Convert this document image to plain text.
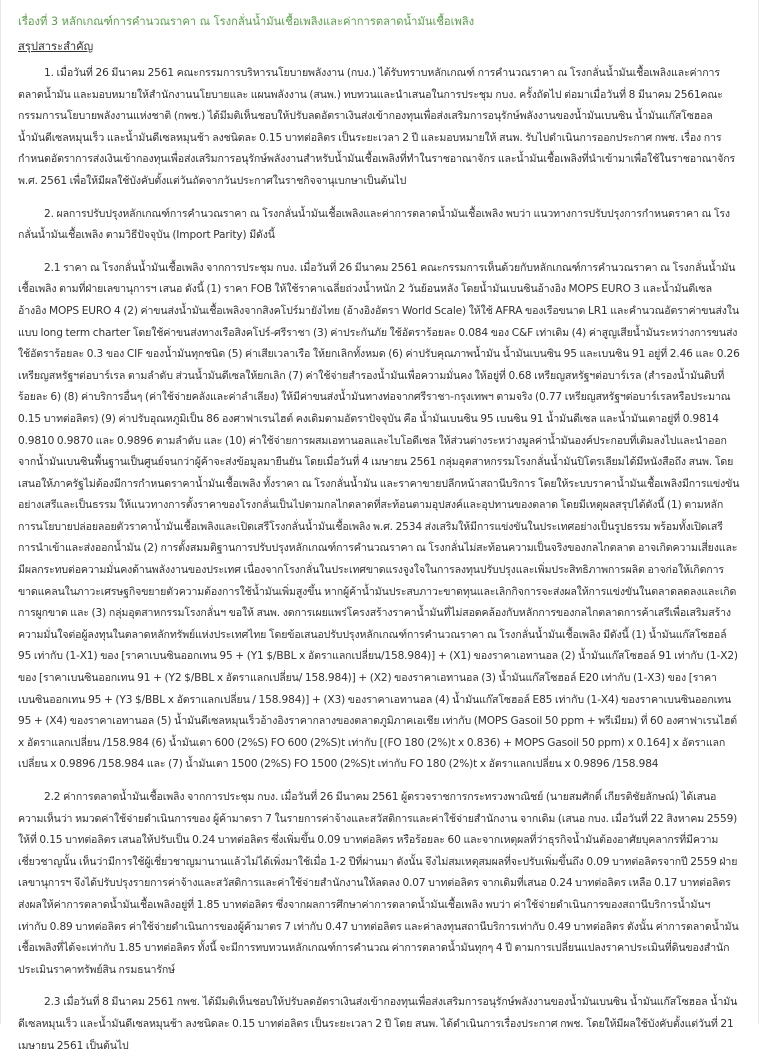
เรื่องที่ 3 หลักเกณฑ์การคำนวณราคา ณ โรงกลั่นน้ำมันเชื้อเพลิงและค่าการตลาดน้ำมันเชื้อเพลิง
สรุปสาระสำคัญ

1. เมื่อวันที่ 26 มีนาคม 2561 คณะกรรมการบริหารนโยบายพลังงาน (กบง.) ได้รับทราบหลักเกณฑ์ การคำนวณราคา ณ โรงกลั่นน้ำมันเชื้อเพลิงและค่าการตลาดน้ำมัน และมอบหมายให้สำนักงานนโยบายและ แผนพลังงาน (สนพ.) ทบทวนและนำเสนอในการประชุม กบง. ครั้งถัดไป ต่อมาเมื่อวันที่ 8 มีนาคม 2561คณะกรรมการนโยบายพลังงานแห่งชาติ (กพช.) ได้มีมติเห็นชอบให้ปรับลดอัตราเงินส่งเข้ากองทุนเพื่อส่งเสริมการอนุรักษ์พลังงานของน้ำมันเบนซิน น้ำมันแก๊สโซฮอล น้ำมันดีเซลหมุนเร็ว และน้ำมันดีเซลหมุนช้า ลงชนิดละ 0.15 บาทต่อลิตร เป็นระยะเวลา 2 ปี และมอบหมายให้ สนพ. รับไปดำเนินการออกประกาศ กพช. เรื่อง การกำหนดอัตราการส่งเงินเข้ากองทุนเพื่อส่งเสริมการอนุรักษ์พลังงานสำหรับน้ำมันเชื้อเพลิงที่ทำในราชอาณาจักร และน้ำมันเชื้อเพลิงที่นำเข้ามาเพื่อใช้ในราชอาณาจักร พ.ศ. 2561 เพื่อให้มีผลใช้บังคับตั้งแต่วันถัดจากวันประกาศในราชกิจจานุเบกษาเป็นต้นไป

2. ผลการปรับปรุงหลักเกณฑ์การคำนวณราคา ณ โรงกลั่นน้ำมันเชื้อเพลิงและค่าการตลาดน้ำมันเชื้อเพลิง พบว่า แนวทางการปรับปรุงการกำหนดราคา ณ โรงกลั่นน้ำมันเชื้อเพลิง ตามวิธีปัจจุบัน (Import Parity) มีดังนี้

2.1 ราคา ณ โรงกลั่นน้ำมันเชื้อเพลิง จากการประชุม กบง. เมื่อวันที่ 26 มีนาคม 2561 คณะกรรมการเห็นด้วยกับหลักเกณฑ์การคำนวณราคา ณ โรงกลั่นน้ำมันเชื้อเพลิง ตามที่ฝ่ายเลขานุการฯ เสนอ ดังนี้ (1) ราคา FOB ให้ใช้ราคาเฉลี่ยถ่วงน้ำหนัก 2 วันย้อนหลัง โดยน้ำมันเบนซินอ้างอิง MOPS EURO 3 และน้ำมันดีเซลอ้างอิง MOPS EURO 4 (2) ค่าขนส่งน้ำมันเชื้อเพลิงจากสิงคโปร์มายังไทย (อ้างอิงอัตรา World Scale) ให้ใช้ AFRA ของเรือขนาด LR1 และคำนวณอัตราค่าขนส่งในแบบ long term charter โดยใช้ค่าขนส่งทางเรือสิงคโปร์-ศรีราชา (3) ค่าประกันภัย ใช้อัตราร้อยละ 0.084 ของ C&F เท่าเดิม (4) ค่าสูญเสียน้ำมันระหว่างการขนส่ง ใช้อัตราร้อยละ 0.3 ของ CIF ของน้ำมันทุกชนิด (5) ค่าเสียเวลาเรือ ให้ยกเลิกทั้งหมด (6) ค่าปรับคุณภาพน้ำมัน น้ำมันเบนซิน 95 และเบนซิน 91 อยู่ที่ 2.46 และ 0.26 เหรียญสหรัฐฯต่อบาร์เรล ตามลำดับ ส่วนน้ำมันดีเซลให้ยกเลิก (7) ค่าใช้จ่ายสำรองน้ำมันเพื่อความมั่นคง ให้อยู่ที่ 0.68 เหรียญสหรัฐฯต่อบาร์เรล (สำรองน้ำมันดิบที่ร้อยละ 6) (8) ค่าบริการอื่นๆ (ค่าใช้จ่ายคลังและค่าลำเลียง) ให้มีค่าขนส่งน้ำมันทางท่อจากศรีราชา-กรุงเทพฯ ตามจริง (0.77 เหรียญสหรัฐฯต่อบาร์เรลหรือประมาณ 0.15 บาทต่อลิตร) (9) ค่าปรับอุณหภูมิเป็น 86 องศาฟาเรนไฮต์ คงเดิมตามอัตราปัจจุบัน คือ น้ำมันเบนซิน 95 เบนซิน 91 น้ำมันดีเซล และน้ำมันเตาอยู่ที่ 0.9814 0.9810 0.9870 และ 0.9896 ตามลำดับ และ (10) ค่าใช้จ่ายการผสมเอทานอลและไบโอดีเซล ให้ส่วนต่างระหว่างมูลค่าน้ำมันองค์ประกอบที่เติมลงไปและนำออกจากน้ำมันเบนซินพื้นฐานเป็นศูนย์จนกว่าผู้ค้าจะส่งข้อมูลมายืนยัน โดยเมื่อวันที่ 4 เมษายน 2561 กลุ่มอุตสาหกรรมโรงกลั่นน้ำมันปิโตรเลียมได้มีหนังสือถึง สนพ. โดยเสนอให้ภาครัฐไม่ต้องมีการกำหนดราคาน้ำมันเชื้อเพลิง ทั้งราคา ณ โรงกลั่นน้ำมัน และราคาขายปลีกหน้าสถานีบริการ โดยให้ระบบราคาน้ำมันเชื้อเพลิงมีการแข่งขันอย่างเสรีและเป็นธรรม ให้แนวทางการตั้งราคาของโรงกลั่นเป็นไปตามกลไกตลาดที่สะท้อนตามอุปสงค์และอุปทานของตลาด โดยมีเหตุผลสรุปได้ดังนี้ (1) ตามหลักการนโยบายปล่อยลอยตัวราคาน้ำมันเชื้อเพลิงและเปิดเสรีโรงกลั่นน้ำมันเชื้อเพลิง พ.ศ. 2534 ส่งเสริมให้มีการแข่งขันในประเทศอย่างเป็นรูปธรรม พร้อมทั้งเปิดเสรีการนำเข้าและส่งออกน้ำมัน (2) การตั้งสมมติฐานการปรับปรุงหลักเกณฑ์การคำนวณราคา ณ โรงกลั่นไม่สะท้อนความเป็นจริงของกลไกตลาด อาจเกิดความเสี่ยงและมีผลกระทบต่อความมั่นคงด้านพลังงานของประเทศ เนื่องจากโรงกลั่นในประเทศขาดแรงจูงใจในการลงทุนปรับปรุงและเพิ่มประสิทธิภาพการผลิต อาจก่อให้เกิดการขาดแคลนในภาวะเศรษฐกิจขยายตัวความต้องการใช้น้ำมันเพิ่มสูงขึ้น หากผู้ค้าน้ำมันประสบภาวะขาดทุนและเลิกกิจการจะส่งผลให้การแข่งขันในตลาดลดลงและเกิดการผูกขาด และ (3) กลุ่มอุตสาหกรรมโรงกลั่นฯ ขอให้ สนพ. งดการเผยแพร่โครงสร้างราคาน้ำมันที่ไม่สอดคล้องกับหลักการของกลไกตลาดการค้าเสรีเพื่อเสริมสร้างความมั่นใจต่อผู้ลงทุนในตลาดหลักทรัพย์แห่งประเทศไทย โดยข้อเสนอปรับปรุงหลักเกณฑ์การคำนวณราคา ณ โรงกลั่นน้ำมันเชื้อเพลิง มีดังนี้ (1) น้ำมันแก๊สโซฮอล์ 95 เท่ากับ (1-X1) ของ [ราคาเบนซินออกเทน 95 + (Y1 $/BBL x อัตราแลกเปลี่ยน/158.984)] + (X1) ของราคาเอทานอล (2) น้ำมันแก๊สโซฮอล์ 91 เท่ากับ (1-X2) ของ [ราคาเบนซินออกเทน 91 + (Y2 $/BBL x อัตราแลกเปลี่ยน/ 158.984)] + (X2) ของราคาเอทานอล (3) น้ำมันแก๊สโซฮอล์ E20 เท่ากับ (1-X3) ของ [ราคาเบนซินออกเทน 95 + (Y3 $/BBL x อัตราแลกเปลี่ยน / 158.984)] + (X3) ของราคาเอทานอล (4) น้ำมันแก๊สโซฮอล์ E85 เท่ากับ (1-X4) ของราคาเบนซินออกเทน 95 + (X4) ของราคาเอทานอล (5) น้ำมันดีเซลหมุนเร็วอ้างอิงราคากลางของตลาดภูมิภาคเอเชีย เท่ากับ (MOPS Gasoil 50 ppm + พรีเมียม) ที่ 60 องศาฟาเรนไฮต์ x อัตราแลกเปลี่ยน /158.984 (6) น้ำมันเตา 600 (2%S) FO 600 (2%S)t เท่ากับ [(FO 180 (2%)t x 0.836) + MOPS Gasoil 50 ppm) x 0.164] x อัตราแลกเปลี่ยน x 0.9896 /158.984 และ (7) น้ำมันเตา 1500 (2%S) FO 1500 (2%S)t เท่ากับ FO 180 (2%)t x อัตราแลกเปลี่ยน x 0.9896 /158.984

2.2 ค่าการตลาดน้ำมันเชื้อเพลิง จากการประชุม กบง. เมื่อวันที่ 26 มีนาคม 2561 ผู้ตรวจราชการกระทรวงพาณิชย์ (นายสมศักดิ์ เกียรติชัยลักษณ์) ได้เสนอความเห็นว่า หมวดค่าใช้จ่ายดำเนินการของ ผู้ค้ามาตรา 7 ในรายการค่าจ้างและสวัสดิการและค่าใช้จ่ายสำนักงาน จากเดิม (เสนอ กบง. เมื่อวันที่ 22 สิงหาคม 2559) ให้ที่ 0.15 บาทต่อลิตร เสนอให้ปรับเป็น 0.24 บาทต่อลิตร ซึ่งเพิ่มขึ้น 0.09 บาทต่อลิตร หรือร้อยละ 60 และจากเหตุผลที่ว่าธุรกิจน้ำมันต้องอาศัยบุคลากรที่มีความเชี่ยวชาญนั้น เห็นว่ามีการใช้ผู้เชี่ยวชาญมานานแล้วไม่ได้เพิ่งมาใช้เมื่อ 1-2 ปีที่ผ่านมา ดังนั้น จึงไม่สมเหตุสมผลที่จะปรับเพิ่มขึ้นถึง 0.09 บาทต่อลิตรจากปี 2559 ฝ่ายเลขานุการฯ จึงได้ปรับปรุงรายการค่าจ้างและสวัสดิการและค่าใช้จ่ายสำนักงานให้ลดลง 0.07 บาทต่อลิตร จากเดิมที่เสนอ 0.24 บาทต่อลิตร เหลือ 0.17 บาทต่อลิตร ส่งผลให้ค่าการตลาดน้ำมันเชื้อเพลิงอยู่ที่ 1.85 บาทต่อลิตร ซึ่งจากผลการศึกษาค่าการตลาดน้ำมันเชื้อเพลิง พบว่า ค่าใช้จ่ายดำเนินการของสถานีบริการน้ำมันฯ เท่ากับ 0.89 บาทต่อลิตร ค่าใช้จ่ายดำเนินการของผู้ค้ามาตร 7 เท่ากับ 0.47 บาทต่อลิตร และค่าลงทุนสถานีบริการเท่ากับ 0.49 บาทต่อลิตร ดังนั้น ค่าการตลาดน้ำมันเชื้อเพลิงที่ได้จะเท่ากับ 1.85 บาทต่อลิตร ทั้งนี้ จะมีการทบทวนหลักเกณฑ์การคำนวณ ค่าการตลาดน้ำมันทุกๆ 4 ปี ตามการเปลี่ยนแปลงราคาประเมินที่ดินของสำนักประเมินราคาทรัพย์สิน กรมธนารักษ์

2.3 เมื่อวันที่ 8 มีนาคม 2561 กพช. ได้มีมติเห็นชอบให้ปรับลดอัตราเงินส่งเข้ากองทุนเพื่อส่งเสริมการอนุรักษ์พลังงานของน้ำมันเบนซิน น้ำมันแก๊สโซฮอล น้ำมันดีเซลหมุนเร็ว และน้ำมันดีเซลหมุนช้า ลงชนิดละ 0.15 บาทต่อลิตร เป็นระยะเวลา 2 ปี โดย สนพ. ได้ดำเนินการเรื่องประกาศ กพช. โดยให้มีผลใช้บังคับตั้งแต่วันที่ 21 เมษายน 2561 เป็นต้นไป
